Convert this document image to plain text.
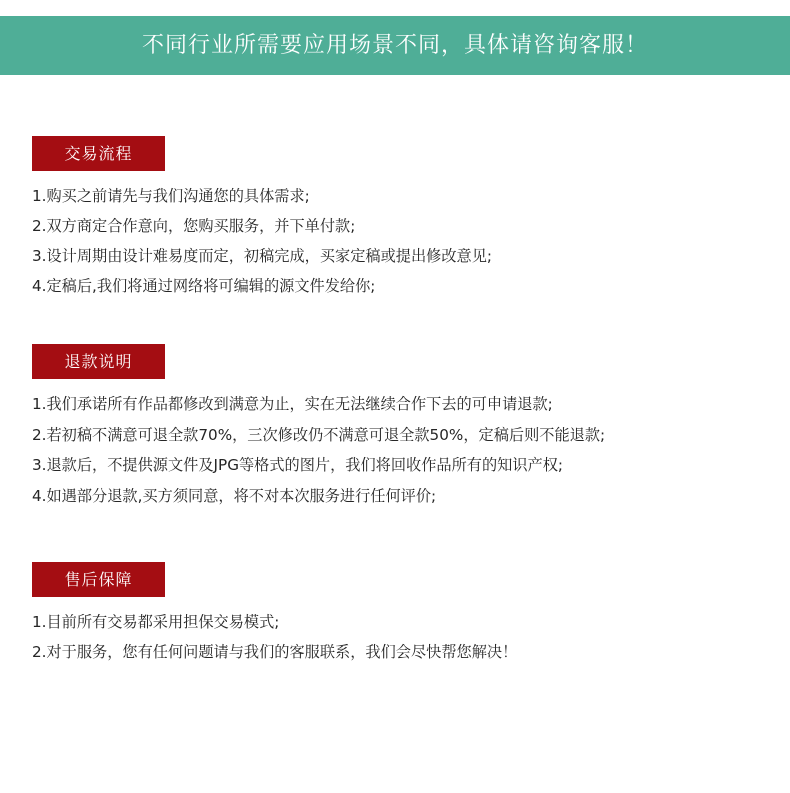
不同行业所需要应用场景不同，具体请咨询客服！
交易流程
1.购买之前请先与我们沟通您的具体需求;
2.双方商定合作意向，您购买服务，并下单付款;
3.设计周期由设计难易度而定，初稿完成，买家定稿或提出修改意见;
4.定稿后,我们将通过网络将可编辑的源文件发给你;
退款说明
1.我们承诺所有作品都修改到满意为止，实在无法继续合作下去的可申请退款;
2.若初稿不满意可退全款70%，三次修改仍不满意可退全款50%，定稿后则不能退款;
3.退款后，不提供源文件及JPG等格式的图片，我们将回收作品所有的知识产权;
4.如遇部分退款,买方须同意，将不对本次服务进行任何评价;
售后保障
1.目前所有交易都采用担保交易模式;
2.对于服务，您有任何问题请与我们的客服联系，我们会尽快帮您解决！
